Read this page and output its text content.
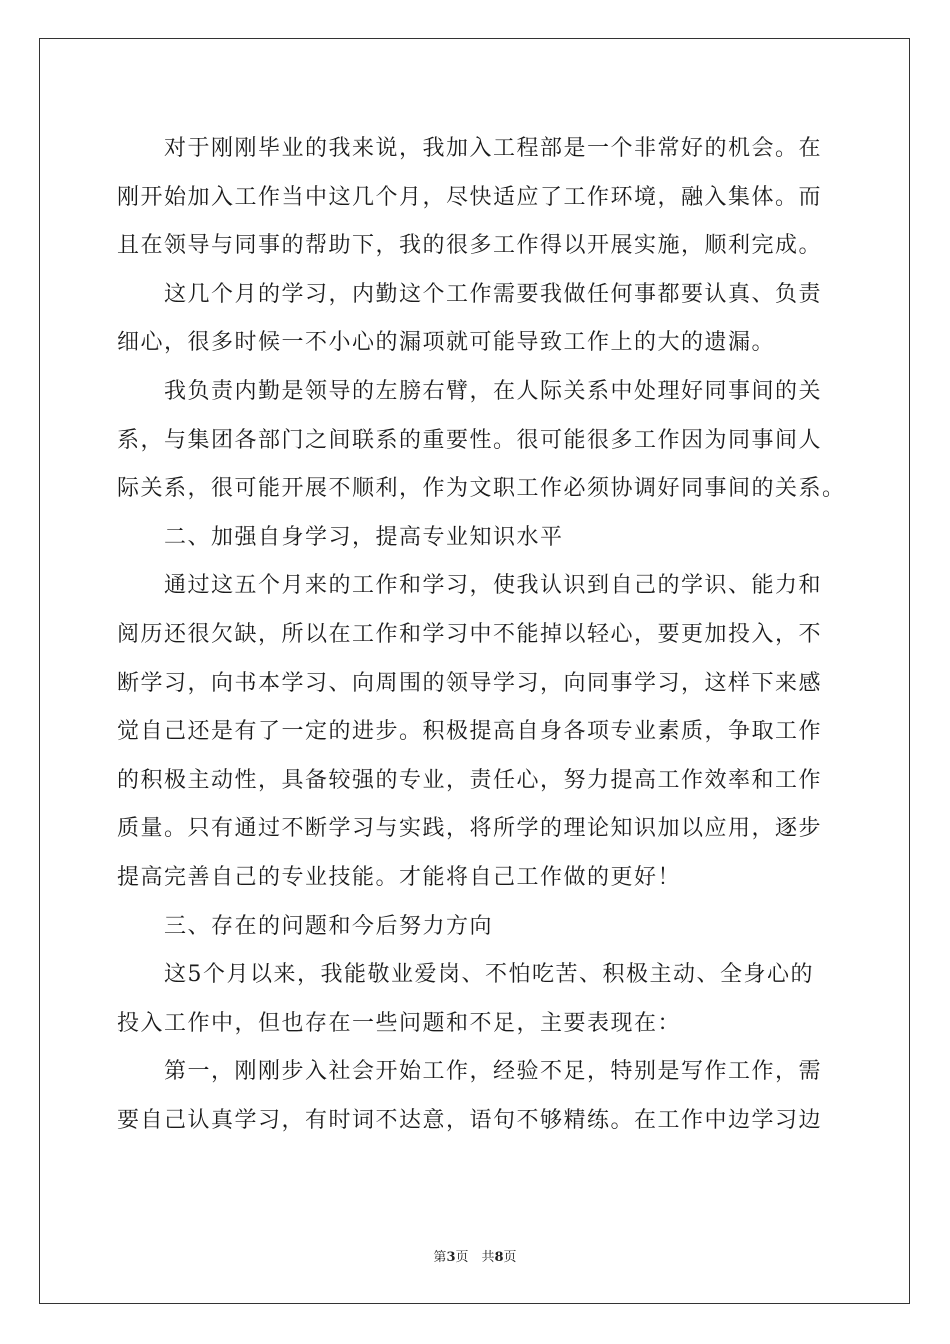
对于刚刚毕业的我来说，我加入工程部是一个非常好的机会。在
刚开始加入工作当中这几个月，尽快适应了工作环境，融入集体。而
且在领导与同事的帮助下，我的很多工作得以开展实施，顺利完成。
这几个月的学习，内勤这个工作需要我做任何事都要认真、负责
细心，很多时候一不小心的漏项就可能导致工作上的大的遗漏。
我负责内勤是领导的左膀右臂，在人际关系中处理好同事间的关
系，与集团各部门之间联系的重要性。很可能很多工作因为同事间人
际关系，很可能开展不顺利，作为文职工作必须协调好同事间的关系。
二、加强自身学习，提高专业知识水平
通过这五个月来的工作和学习，使我认识到自己的学识、能力和
阅历还很欠缺，所以在工作和学习中不能掉以轻心，要更加投入，不
断学习，向书本学习、向周围的领导学习，向同事学习，这样下来感
觉自己还是有了一定的进步。积极提高自身各项专业素质，争取工作
的积极主动性，具备较强的专业，责任心，努力提高工作效率和工作
质量。只有通过不断学习与实践，将所学的理论知识加以应用，逐步
提高完善自己的专业技能。才能将自己工作做的更好！
三、存在的问题和今后努力方向
这5个月以来，我能敬业爱岗、不怕吃苦、积极主动、全身心的
投入工作中，但也存在一些问题和不足，主要表现在：
第一，刚刚步入社会开始工作，经验不足，特别是写作工作，需
要自己认真学习，有时词不达意，语句不够精练。在工作中边学习边
第3页　共8页
